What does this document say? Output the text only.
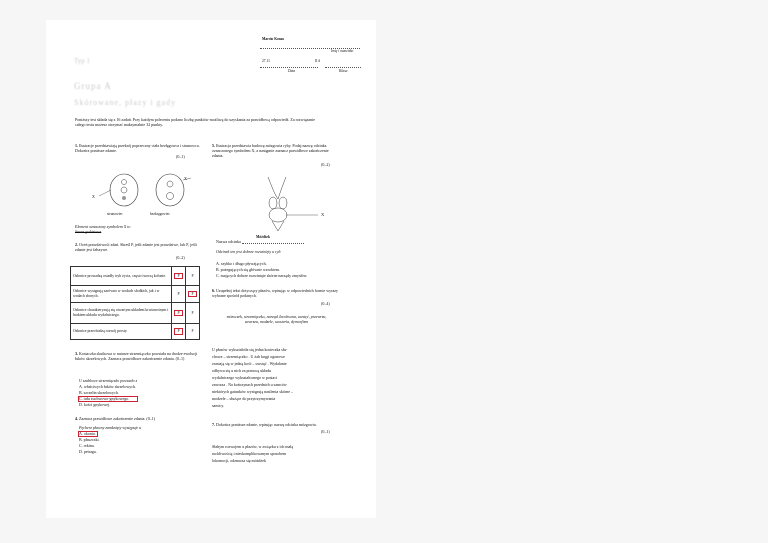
Marcin Konas
Imię i nazwisko
27.11	II d
Data	Klasa
Typ 1
Grupa A
Skórowane, płazy i gady
Poniższy test składa się z 16 zadań. Przy każdym poleceniu podano liczbę punktów możliwą do uzyskania za prawidłową odpowiedź. Za rozwiązanie całego testu możesz otrzymać maksymalnie 32 punkty.
1. Ilustracje przedstawiają przekrój poprzeczny ciała bezłęgowca i strunowca. Dokończ poniższe zdanie.
(0–1)
X
X
strunowiec	bezkręgowiec
Element oznaczony symbolem X to
Struna grzbietowa
2. Oceń prawdziwość zdań. Skreśl P, jeśli zdanie jest prawdziwe, lub F, jeśli zdanie jest fałszywe.
(0–2)
Osłonice prowadzą osiadły tryb życia, często tworzą kolonie.	P	F
Osłonice występują zarówno w wodach słodkich, jak i w wodach słonych.	P	F
Osłonice charakteryzują się otwartym układem krwionośnym i brakiem układu wydalniczego.	P	F
Osłonice przechodzą rozwój prosty.	P	F
3. Kostaczka skutkowa w naturze strzemiączko powstała na drodze ewolucji łuków skrzelowych. Zaznacz prawidłowe zakończenie zdania. (0–1)
U szablowe strzemiączko powstało z
A. właściwych łuków skrzelowych.
B. szczelin skrzelowych.
C. tułu żuchwowo-gnykowego.
D. kości gnykowej.
4. Zaznacz prawidłowe zakończenie zdania. (0–1)
Pęcherz pławny zamknięty występuje u
A. okonia.
B. płaszczki.
C. rekina.
D. petraga.
5. Ilustracja przedstawia budowę mózgowia ryby. Podaj nazwę odcinka oznaczonego symbolem X, a następnie zaznacz prawidłowe zakończenie zdania.
(0–2)
X
Nazwa odcinka
Móżdżek
Odcinek ten jest dobrze rozwinięty u ryb
A. szybko i długo pływających.
B. pożegujących się głównie wzrokiem.
C. mających dobrze rozwinięte skórne narządy zmysłów.
6. Uzupełnij tekst dotyczący płazów, wpisując w odpowiednich formie wyrazy wybrane spośród podanych.
(0–4)
mózoczek, strzemiączko, narząd Jacobsona, uwstęć, przewrzu, zawrzza, modzele, ssosteria, dymorfizm
U płazów wykształciła się jedna kosteczka słu-
chowa – strzemiączko . U żab kręgi ogonowe
zrastają się w jedną kość – uwstęć . Wydalanie
odbywa się u nich za pomocą układu
wydalniczego wykształconego w postaci
zawrzza . Na kończynach przednich u samców
niektórych gatunków występują nasilenia skórne –
modzele – służące do przytrzymywania
samicy.
7. Dokończ poniższe zdanie, wpisując nazwę odcinka mózgowia.
(0–1)
Słabym rozwojem u płazów, w związku z ich małą
ruchliwością i nieskomplikowanym sposobem
lokomocji, odznacza się móżdżek
